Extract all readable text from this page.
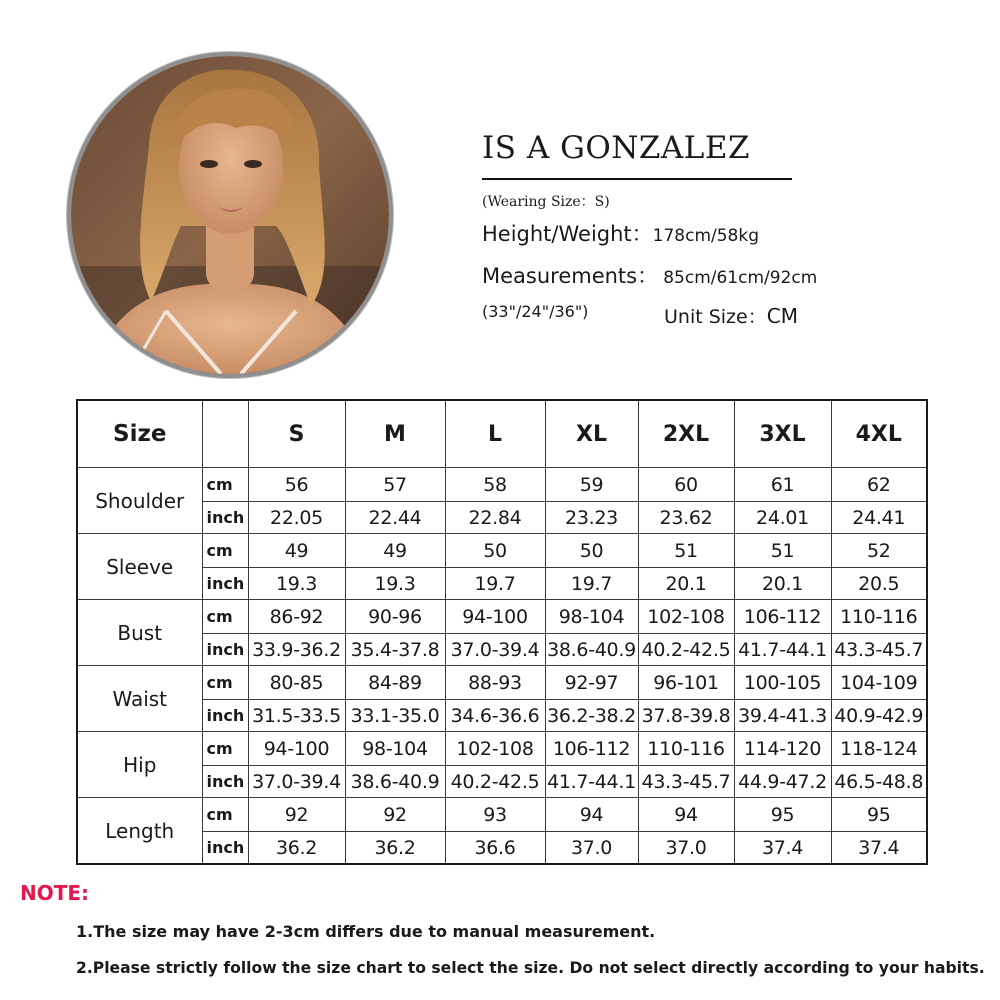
IS A GONZALEZ
(Wearing Size：S)
Height/Weight：178cm/58kg
Measurements： 85cm/61cm/92cm
(33"/24"/36")	Unit Size：CM
Size		S	M	L	XL	2XL	3XL	4XL
Shoulder	cm	56	57	58	59	60	61	62
	inch	22.05	22.44	22.84	23.23	23.62	24.01	24.41
Sleeve	cm	49	49	50	50	51	51	52
	inch	19.3	19.3	19.7	19.7	20.1	20.1	20.5
Bust	cm	86-92	90-96	94-100	98-104	102-108	106-112	110-116
	inch	33.9-36.2	35.4-37.8	37.0-39.4	38.6-40.9	40.2-42.5	41.7-44.1	43.3-45.7
Waist	cm	80-85	84-89	88-93	92-97	96-101	100-105	104-109
	inch	31.5-33.5	33.1-35.0	34.6-36.6	36.2-38.2	37.8-39.8	39.4-41.3	40.9-42.9
Hip	cm	94-100	98-104	102-108	106-112	110-116	114-120	118-124
	inch	37.0-39.4	38.6-40.9	40.2-42.5	41.7-44.1	43.3-45.7	44.9-47.2	46.5-48.8
Length	cm	92	92	93	94	94	95	95
	inch	36.2	36.2	36.6	37.0	37.0	37.4	37.4
NOTE:
1.The size may have 2-3cm differs due to manual measurement.
2.Please strictly follow the size chart to select the size. Do not select directly according to your habits.
